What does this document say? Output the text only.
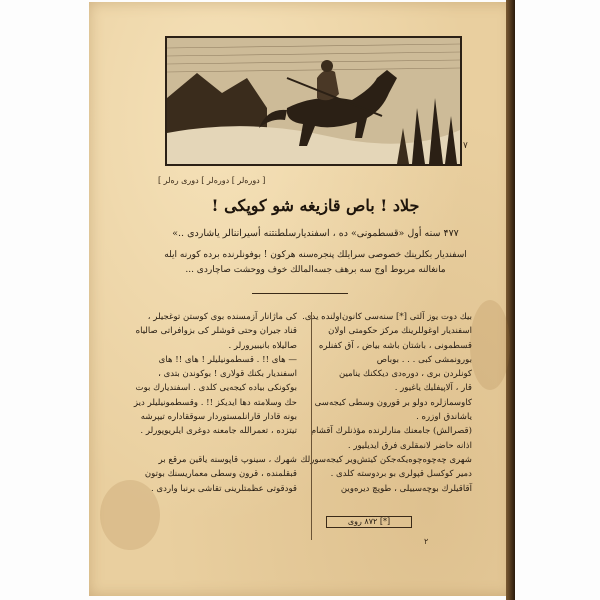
٧
[ دوره‌لر ] دوره‌لر ] دوری ره‌لر ]
جلاد ! باص قازیغه شو كوپكی !
۴۷۷ سنه أول «قسطمونی» ده ، اسفندیارسلطنتنه أسیراننالر یاشاردی ..»
اسفندیار بكلرینك خصوصی سرایلك پنجره‌سنه هركون ! بوفونلرنده برده كورنه ایله
مانغالنه مربوط اوج سه برهف جسه‌المالك خوف ووحشت صاچاردی ...
بیك دوت یوز آلتی [*] سنه‌سی كانون‌اولنده یدی.
اسفندیار اوغوللرینك مركز حكومتی اولان
قسطمونی ، باشتان باشه بیاض ، آق كفنلره
بورونمشی كبی . . . بوباص
كونلردن بری ، دوره‌دی دیككنك ینامین
قار ، آلاپیفلیك یاغیور .
كاوسمازلره دولو بر قورون وسطی كیجه‌سی
یاشاندق اوزره .
(قصرالش) جامعنك منارلرنده مؤذنلرك آقشام
اذانه حاضر لانمقلری فرق ایدیلیور .
شهری چه‌چوه‌چوه‌یكه‌جكن كیتش‌ویر كیجه‌سورلك
دمیر كوكسل قپولری بو بردوسته كلدی .
آقاقیلرك بوچه‌سییلی ، طوپچ‌ دیره‌وین
كی ماژانار آزمسنده بوی كوستن توغجیلر ،
قناد جیران وحتی قوشلر كی بزوافراتی صالیاه
صالیلاه بانیبیرورلر .
— های !! . قسطمونیلیلر ! های !! های
اسفندیار بكنك قولاری ! بوكوندن بتدی ،
بوكونكی بیاده كیجه‌یی كلدی . اسفندیارك بوت
حك وسلامته دها ایدیكز !! . وقسطمونیلیلر دیز
بونه قادار قارانلمستوردار سوققاداره تیپرشه
تیتزده ، تعمرالله جامعنه دوغری ایلریوپورلر .

شهرك ، سینوپ قاپوسنه یاقین مرقع بر
قبقلمنده ، قرون وسطی معماریسنك بوتون
قودقوتی عظمتلرینی تقاشی یرنبا واردی .
[*] ۸۷۲ روی
۲
